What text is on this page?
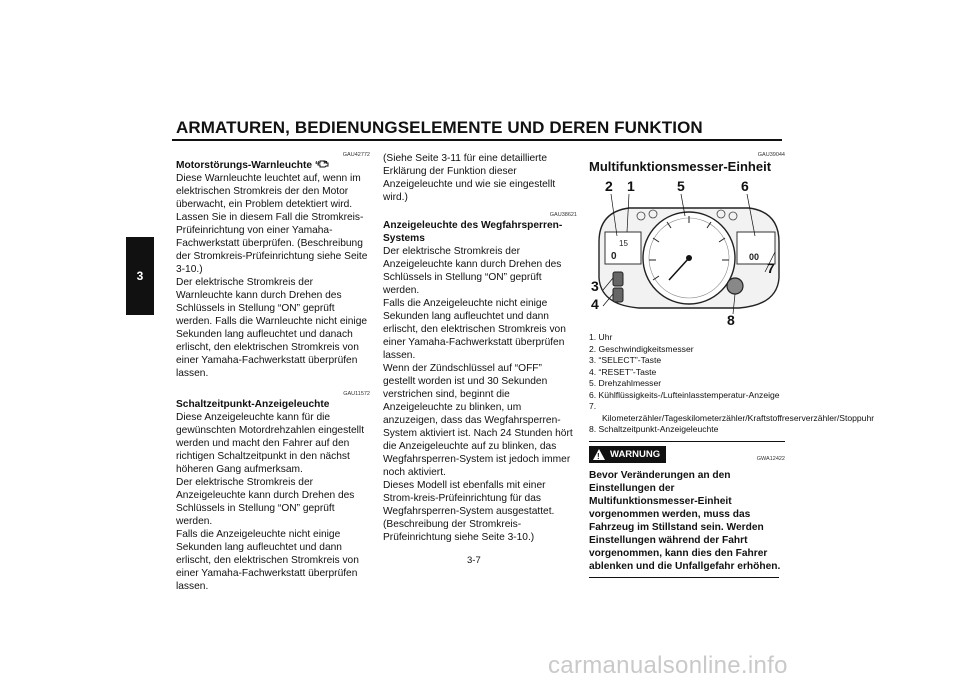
ARMATUREN, BEDIENUNGSELEMENTE UND DEREN FUNKTION
3
GAU42772
Motorstörungs-Warnleuchte “ ”

Diese Warnleuchte leuchtet auf, wenn im elektrischen Stromkreis der den Motor überwacht, ein Problem detektiert wird. Lassen Sie in diesem Fall die Stromkreis-Prüfeinrichtung von einer Yamaha-Fachwerkstatt überprüfen. (Beschreibung der Stromkreis-Prüfeinrichtung siehe Seite 3-10.)

Der elektrische Stromkreis der Warnleuchte kann durch Drehen des Schlüssels in Stellung “ON” geprüft werden. Falls die Warnleuchte nicht einige Sekunden lang aufleuchtet und danach erlischt, den elektrischen Stromkreis von einer Yamaha-Fachwerkstatt überprüfen lassen.

GAU11572
Schaltzeitpunkt-Anzeigeleuchte

Diese Anzeigeleuchte kann für die gewünschten Motordrehzahlen eingestellt werden und macht den Fahrer auf den richtigen Schaltzeitpunkt in den nächst höheren Gang aufmerksam.

Der elektrische Stromkreis der Anzeigeleuchte kann durch Drehen des Schlüssels in Stellung “ON” geprüft werden.

Falls die Anzeigeleuchte nicht einige Sekunden lang aufleuchtet und dann erlischt, den elektrischen Stromkreis von einer Yamaha-Fachwerkstatt überprüfen lassen.

(Siehe Seite 3-11 für eine detaillierte Erklärung der Funktion dieser Anzeigeleuchte und wie sie eingestellt wird.)

GAU38621
Anzeigeleuchte des Wegfahrsperren-Systems

Der elektrische Stromkreis der Anzeigeleuchte kann durch Drehen des Schlüssels in Stellung “ON” geprüft werden.

Falls die Anzeigeleuchte nicht einige Sekunden lang aufleuchtet und dann erlischt, den elektrischen Stromkreis von einer Yamaha-Fachwerkstatt überprüfen lassen.

Wenn der Zündschlüssel auf “OFF” gestellt worden ist und 30 Sekunden verstrichen sind, beginnt die Anzeigeleuchte zu blinken, um anzuzeigen, dass das Wegfahrsperren-System aktiviert ist. Nach 24 Stunden hört die Anzeigeleuchte auf zu blinken, das Wegfahrsperren-System ist jedoch immer noch aktiviert.

Dieses Modell ist ebenfalls mit einer Strom-kreis-Prüfeinrichtung für das Wegfahrsperren-System ausgestattet. (Beschreibung der Stromkreis-Prüfeinrichtung siehe Seite 3-10.)

GAU39044
Multifunktionsmesser-Einheit
15
0	00
2 1	5	6
7
3
4
8
1. Uhr
2. Geschwindigkeitsmesser
3. “SELECT”-Taste
4. “RESET”-Taste
5. Drehzahlmesser
6. Kühlflüssigkeits-/Lufteinlasstemperatur-Anzeige
7. Kilometerzähler/Tageskilometerzähler/Kraftstoffreserverzähler/Stoppuhr
8. Schaltzeitpunkt-Anzeigeleuchte
! WARNUNG	GWA12422
Bevor Veränderungen an den Einstellungen der Multifunktionsmesser-Einheit vorgenommen werden, muss das Fahrzeug im Stillstand sein. Werden Einstellungen während der Fahrt vorgenommen, kann dies den Fahrer ablenken und die Unfallgefahr erhöhen.
3-7
carmanualsonline.info
